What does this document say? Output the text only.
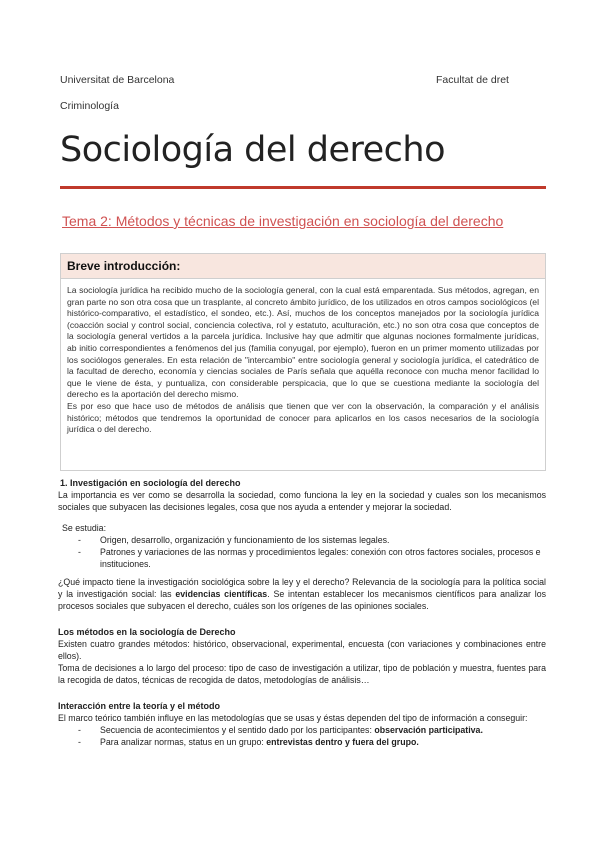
Universitat de Barcelona	Facultat de dret
Criminología
Sociología del derecho
Tema 2: Métodos y técnicas de investigación en sociología del derecho
Breve introducción:

La sociología jurídica ha recibido mucho de la sociología general, con la cual está emparentada. Sus métodos, agregan, en gran parte no son otra cosa que un trasplante, al concreto ámbito jurídico, de los utilizados en otros campos sociológicos (el histórico-comparativo, el estadístico, el sondeo, etc.). Así, muchos de los conceptos manejados por la sociología jurídica (coacción social y control social, conciencia colectiva, rol y estatuto, aculturación, etc.) no son otra cosa que conceptos de la sociología general vertidos a la parcela jurídica. Inclusive hay que admitir que algunas nociones formalmente jurídicas, ab initio correspondientes a fenómenos del jus (familia conyugal, por ejemplo), fueron en un primer momento utilizadas por los sociólogos generales. En esta relación de "intercambio" entre sociología general y sociología jurídica, el catedrático de la facultad de derecho, economía y ciencias sociales de París señala que aquélla reconoce con mucha menor facilidad lo que le viene de ésta, y puntualiza, con considerable perspicacia, que lo que se cuestiona mediante la sociología del derecho es la aportación del derecho mismo.

Es por eso que hace uso de métodos de análisis que tienen que ver con la observación, la comparación y el análisis histórico; métodos que tendremos la oportunidad de conocer para aplicarlos en los casos necesarios de la sociología jurídica o del derecho.

1. Investigación en sociología del derecho

La importancia es ver como se desarrolla la sociedad, como funciona la ley en la sociedad y cuales son los mecanismos sociales que subyacen las decisiones legales, cosa que nos ayuda a entender y mejorar la sociedad.

Se estudia:
- Origen, desarrollo, organización y funcionamiento de los sistemas legales.
- Patrones y variaciones de las normas y procedimientos legales: conexión con otros factores sociales, procesos e instituciones.

¿Qué impacto tiene la investigación sociológica sobre la ley y el derecho? Relevancia de la sociología para la política social y la investigación social: las evidencias científicas. Se intentan establecer los mecanismos científicos para analizar los procesos sociales que subyacen el derecho, cuáles son los orígenes de las opiniones sociales.

Los métodos en la sociología de Derecho

Existen cuatro grandes métodos: histórico, observacional, experimental, encuesta (con variaciones y combinaciones entre ellos).

Toma de decisiones a lo largo del proceso: tipo de caso de investigación a utilizar, tipo de población y muestra, fuentes para la recogida de datos, técnicas de recogida de datos, metodologías de análisis…

Interacción entre la teoría y el método

El marco teórico también influye en las metodologías que se usas y éstas dependen del tipo de información a conseguir:

- Secuencia de acontecimientos y el sentido dado por los participantes: observación participativa.
- Para analizar normas, status en un grupo: entrevistas dentro y fuera del grupo.
